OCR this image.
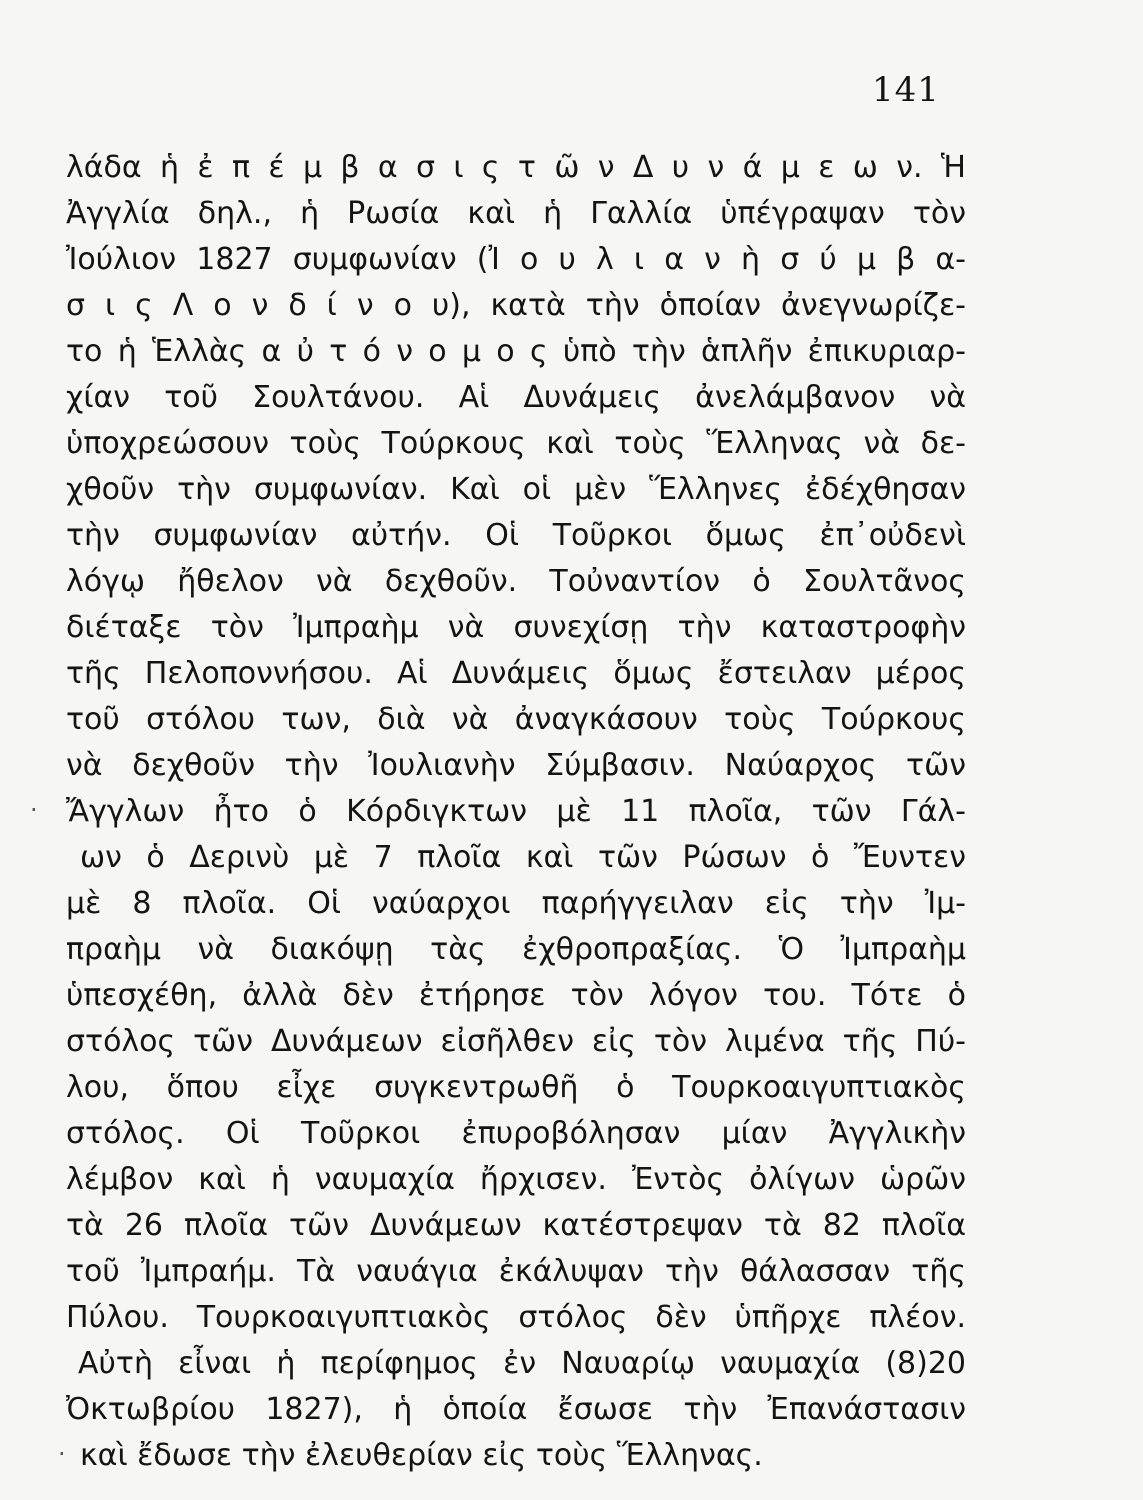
141
λάδα ἡ ἐ π έ μ β α σ ι ς τ ῶ ν Δ υ ν ά μ ε ω ν. Ἡ
Ἀγγλία δηλ., ἡ Ρωσία καὶ ἡ Γαλλία ὑπέγραψαν τὸν
Ἰούλιον 1827 συμφωνίαν (Ἰ ο υ λ ι α ν ὴ σ ύ μ β α-
σ ι ς Λ ο ν δ ί ν ο υ), κατὰ τὴν ὁποίαν ἀνεγνωρίζε-
το ἡ Ἑλλὰς α ὐ τ ό ν ο μ ο ς ὑπὸ τὴν ἁπλῆν ἐπικυριαρ-
χίαν τοῦ Σουλτάνου. Αἱ Δυνάμεις ἀνελάμβανον νὰ
ὑποχρεώσουν τοὺς Τούρκους καὶ τοὺς Ἕλληνας νὰ δε-
χθοῦν τὴν συμφωνίαν. Καὶ οἱ μὲν Ἕλληνες ἐδέχθησαν
τὴν συμφωνίαν αὐτήν. Οἱ Τοῦρκοι ὅμως ἐπ᾿οὐδενὶ
λόγῳ ἤθελον νὰ δεχθοῦν. Τοὐναντίον ὁ Σουλτᾶνος
διέταξε τὸν Ἰμπραὴμ νὰ συνεχίσῃ τὴν καταστροφὴν
τῆς Πελοποννήσου. Αἱ Δυνάμεις ὅμως ἔστειλαν μέρος
τοῦ στόλου των, διὰ νὰ ἀναγκάσουν τοὺς Τούρκους
νὰ δεχθοῦν τὴν Ἰουλιανὴν Σύμβασιν. Ναύαρχος τῶν
Ἄγγλων ἦτο ὁ Κόρδιγκτων μὲ 11 πλοῖα, τῶν Γάλ-
ων ὁ Δερινὺ μὲ 7 πλοῖα καὶ τῶν Ρώσων ὁ Ἔυντεν
μὲ 8 πλοῖα. Οἱ ναύαρχοι παρήγγειλαν εἰς τὴν Ἰμ-
πραὴμ νὰ διακόψῃ τὰς ἐχθροπραξίας. Ὁ Ἰμπραὴμ
ὑπεσχέθη, ἀλλὰ δὲν ἐτήρησε τὸν λόγον του. Τότε ὁ
στόλος τῶν Δυνάμεων εἰσῆλθεν εἰς τὸν λιμένα τῆς Πύ-
λου, ὅπου εἶχε συγκεντρωθῆ ὁ Τουρκοαιγυπτιακὸς
στόλος. Οἱ Τοῦρκοι ἐπυροβόλησαν μίαν Ἀγγλικὴν
λέμβον καὶ ἡ ναυμαχία ἤρχισεν. Ἐντὸς ὀλίγων ὡρῶν
τὰ 26 πλοῖα τῶν Δυνάμεων κατέστρεψαν τὰ 82 πλοῖα
τοῦ Ἰμπραήμ. Τὰ ναυάγια ἐκάλυψαν τὴν θάλασσαν τῆς
Πύλου. Τουρκοαιγυπτιακὸς στόλος δὲν ὑπῆρχε πλέον.
Αὐτὴ εἶναι ἡ περίφημος ἐν Ναυαρίῳ ναυμαχία (8)20
Ὀκτωβρίου 1827), ἡ ὁποία ἔσωσε τὴν Ἐπανάστασιν
καὶ ἔδωσε τὴν ἐλευθερίαν εἰς τοὺς Ἕλληνας.
·
·
